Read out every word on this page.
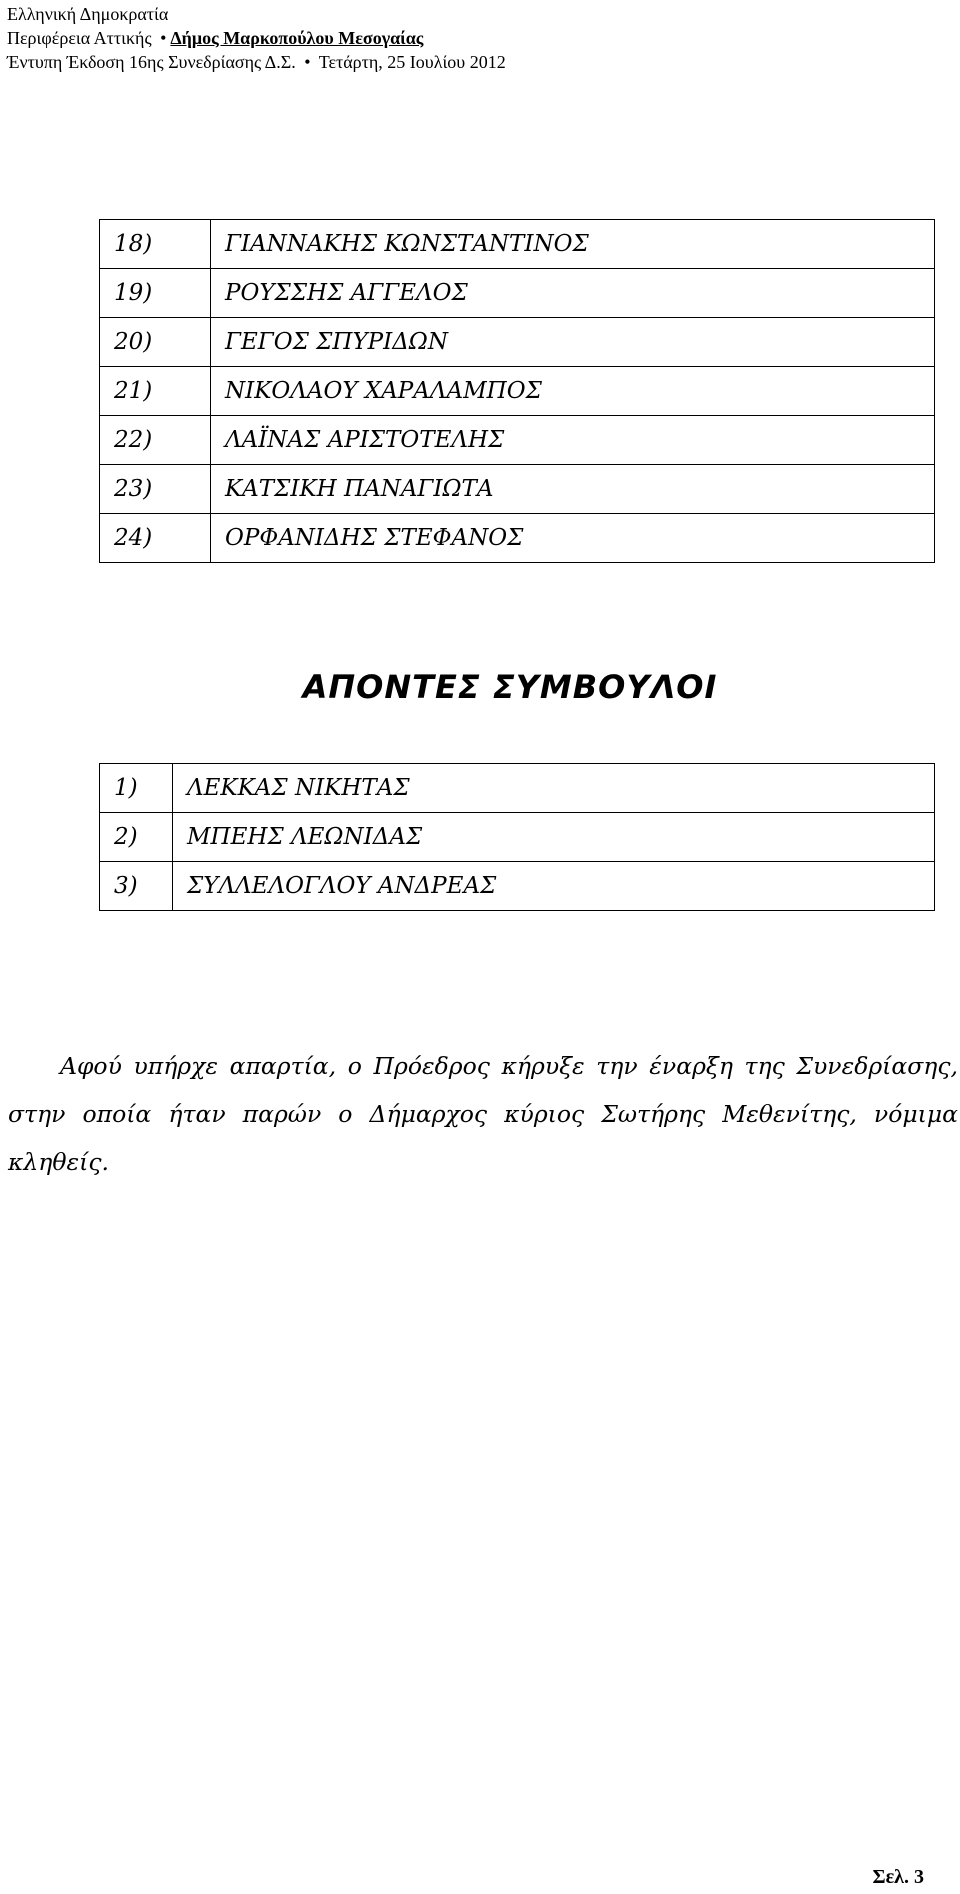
Ελληνική Δημοκρατία
Περιφέρεια Αττικής • Δήμος Μαρκοπούλου Μεσογαίας
Έντυπη Έκδοση 16ης Συνεδρίασης Δ.Σ. • Τετάρτη, 25 Ιουλίου 2012
18)	ΓΙΑΝΝΑΚΗΣ ΚΩΝΣΤΑΝΤΙΝΟΣ
19)	ΡΟΥΣΣΗΣ ΑΓΓΕΛΟΣ
20)	ΓΕΓΟΣ ΣΠΥΡΙΔΩΝ
21)	ΝΙΚΟΛΑΟΥ ΧΑΡΑΛΑΜΠΟΣ
22)	ΛΑΪΝΑΣ ΑΡΙΣΤΟΤΕΛΗΣ
23)	ΚΑΤΣΙΚΗ ΠΑΝΑΓΙΩΤΑ
24)	ΟΡΦΑΝΙΔΗΣ ΣΤΕΦΑΝΟΣ
ΑΠΟΝΤΕΣ ΣΥΜΒΟΥΛΟΙ
1)	ΛΕΚΚΑΣ ΝΙΚΗΤΑΣ
2)	ΜΠΕΗΣ ΛΕΩΝΙΔΑΣ
3)	ΣΥΛΛΕΛΟΓΛΟΥ ΑΝΔΡΕΑΣ

Αφού υπήρχε απαρτία, ο Πρόεδρος κήρυξε την έναρξη της Συνεδρίασης, στην οποία ήταν παρών ο Δήμαρχος κύριος Σωτήρης Μεθενίτης, νόμιμα κληθείς.

Σελ. 3
